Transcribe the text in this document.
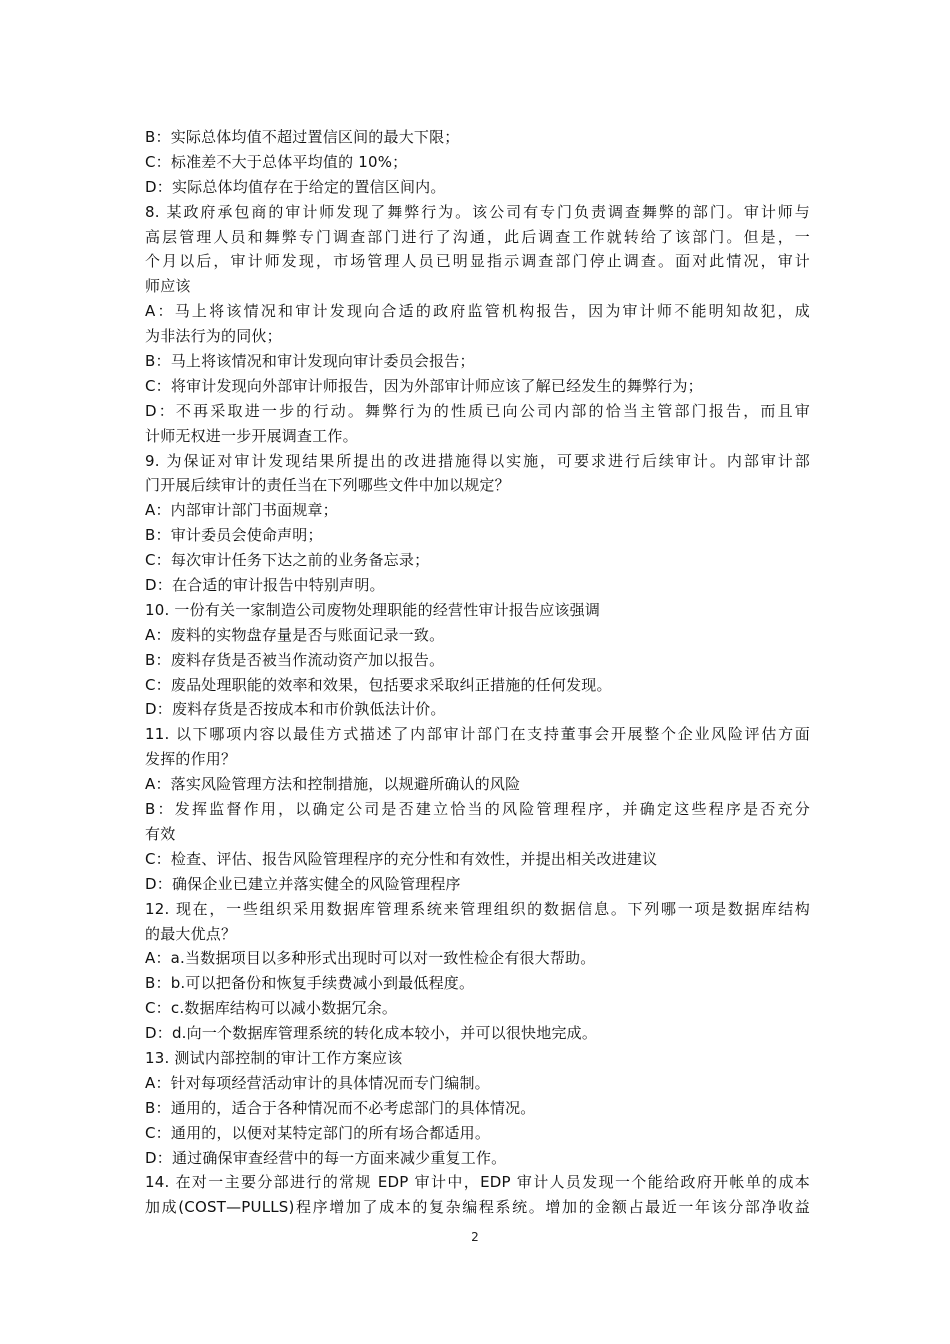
B：实际总体均值不超过置信区间的最大下限；
C：标准差不大于总体平均值的 10%；
D：实际总体均值存在于给定的置信区间内。
8. 某政府承包商的审计师发现了舞弊行为。该公司有专门负责调查舞弊的部门。审计师与
高层管理人员和舞弊专门调查部门进行了沟通，此后调查工作就转给了该部门。但是，一
个月以后，审计师发现，市场管理人员已明显指示调查部门停止调查。面对此情况，审计
师应该
A：马上将该情况和审计发现向合适的政府监管机构报告，因为审计师不能明知故犯，成
为非法行为的同伙；
B：马上将该情况和审计发现向审计委员会报告；
C：将审计发现向外部审计师报告，因为外部审计师应该了解已经发生的舞弊行为；
D：不再采取进一步的行动。舞弊行为的性质已向公司内部的恰当主管部门报告，而且审
计师无权进一步开展调查工作。
9. 为保证对审计发现结果所提出的改进措施得以实施，可要求进行后续审计。内部审计部
门开展后续审计的责任当在下列哪些文件中加以规定？
A：内部审计部门书面规章；
B：审计委员会使命声明；
C：每次审计任务下达之前的业务备忘录；
D：在合适的审计报告中特别声明。
10. 一份有关一家制造公司废物处理职能的经营性审计报告应该强调
A：废料的实物盘存量是否与账面记录一致。
B：废料存货是否被当作流动资产加以报告。
C：废品处理职能的效率和效果，包括要求采取纠正措施的任何发现。
D：废料存货是否按成本和市价孰低法计价。
11. 以下哪项内容以最佳方式描述了内部审计部门在支持董事会开展整个企业风险评估方面
发挥的作用？
A：落实风险管理方法和控制措施，以规避所确认的风险
B：发挥监督作用，以确定公司是否建立恰当的风险管理程序，并确定这些程序是否充分
有效
C：检查、评估、报告风险管理程序的充分性和有效性，并提出相关改进建议
D：确保企业已建立并落实健全的风险管理程序
12. 现在，一些组织采用数据库管理系统来管理组织的数据信息。下列哪一项是数据库结构
的最大优点？
A：a.当数据项目以多种形式出现时可以对一致性检企有很大帮助。
B：b.可以把备份和恢复手续费减小到最低程度。
C：c.数据库结构可以减小数据冗余。
D：d.向一个数据库管理系统的转化成本较小，并可以很快地完成。
13. 测试内部控制的审计工作方案应该
A：针对每项经营活动审计的具体情况而专门编制。
B：通用的，适合于各种情况而不必考虑部门的具体情况。
C：通用的，以便对某特定部门的所有场合都适用。
D：通过确保审查经营中的每一方面来减少重复工作。
14. 在对一主要分部进行的常规 EDP 审计中，EDP 审计人员发现一个能给政府开帐单的成本
加成(COST—PULLS)程序增加了成本的复杂编程系统。增加的金额占最近一年该分部净收益
2
